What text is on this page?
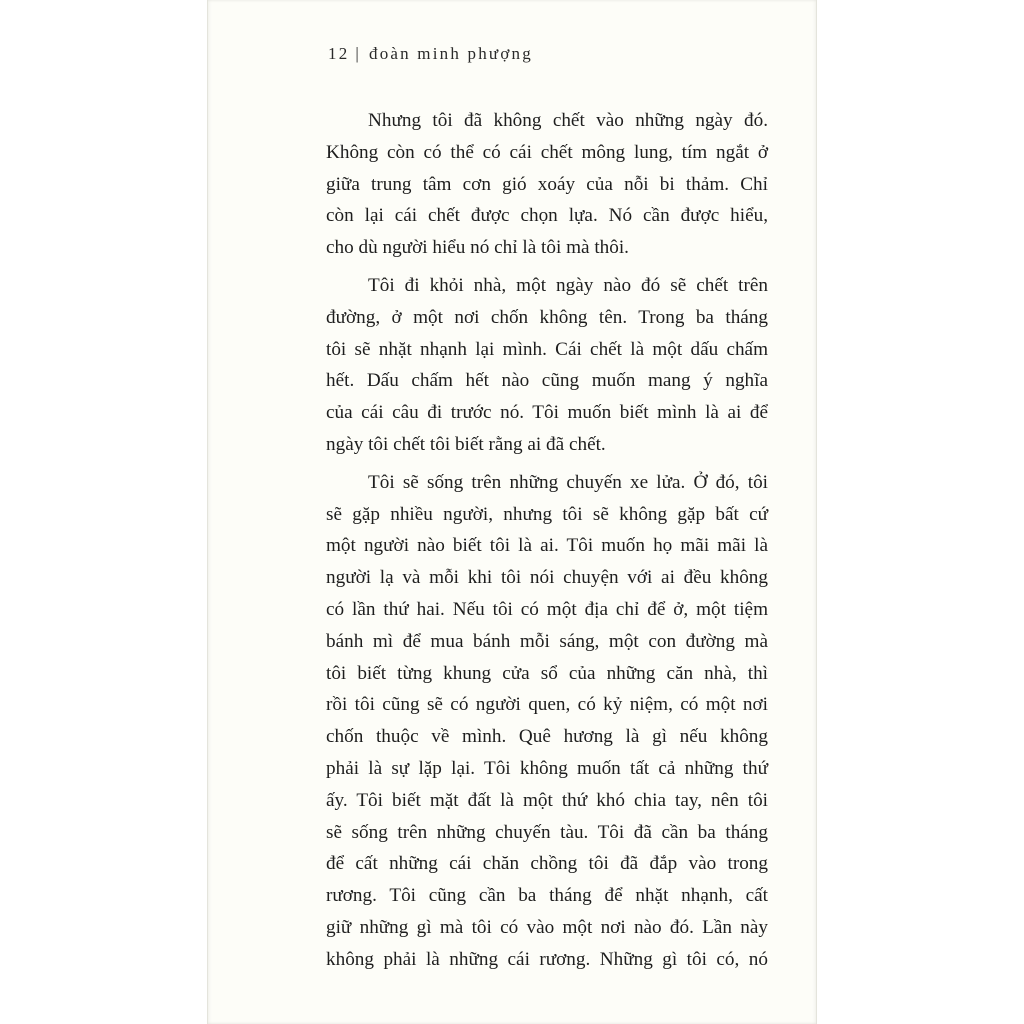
12 | đoàn minh phượng
Nhưng tôi đã không chết vào những ngày đó.
Không còn có thể có cái chết mông lung, tím ngắt ở
giữa trung tâm cơn gió xoáy của nỗi bi thảm. Chỉ
còn lại cái chết được chọn lựa. Nó cần được hiểu,
cho dù người hiểu nó chỉ là tôi mà thôi.
Tôi đi khỏi nhà, một ngày nào đó sẽ chết trên
đường, ở một nơi chốn không tên. Trong ba tháng
tôi sẽ nhặt nhạnh lại mình. Cái chết là một dấu chấm
hết. Dấu chấm hết nào cũng muốn mang ý nghĩa
của cái câu đi trước nó. Tôi muốn biết mình là ai để
ngày tôi chết tôi biết rằng ai đã chết.
Tôi sẽ sống trên những chuyến xe lửa. Ở đó, tôi
sẽ gặp nhiều người, nhưng tôi sẽ không gặp bất cứ
một người nào biết tôi là ai. Tôi muốn họ mãi mãi là
người lạ và mỗi khi tôi nói chuyện với ai đều không
có lần thứ hai. Nếu tôi có một địa chỉ để ở, một tiệm
bánh mì để mua bánh mỗi sáng, một con đường mà
tôi biết từng khung cửa sổ của những căn nhà, thì
rồi tôi cũng sẽ có người quen, có kỷ niệm, có một nơi
chốn thuộc về mình. Quê hương là gì nếu không
phải là sự lặp lại. Tôi không muốn tất cả những thứ
ấy. Tôi biết mặt đất là một thứ khó chia tay, nên tôi
sẽ sống trên những chuyến tàu. Tôi đã cần ba tháng
để cất những cái chăn chồng tôi đã đắp vào trong
rương. Tôi cũng cần ba tháng để nhặt nhạnh, cất
giữ những gì mà tôi có vào một nơi nào đó. Lần này
không phải là những cái rương. Những gì tôi có, nó
